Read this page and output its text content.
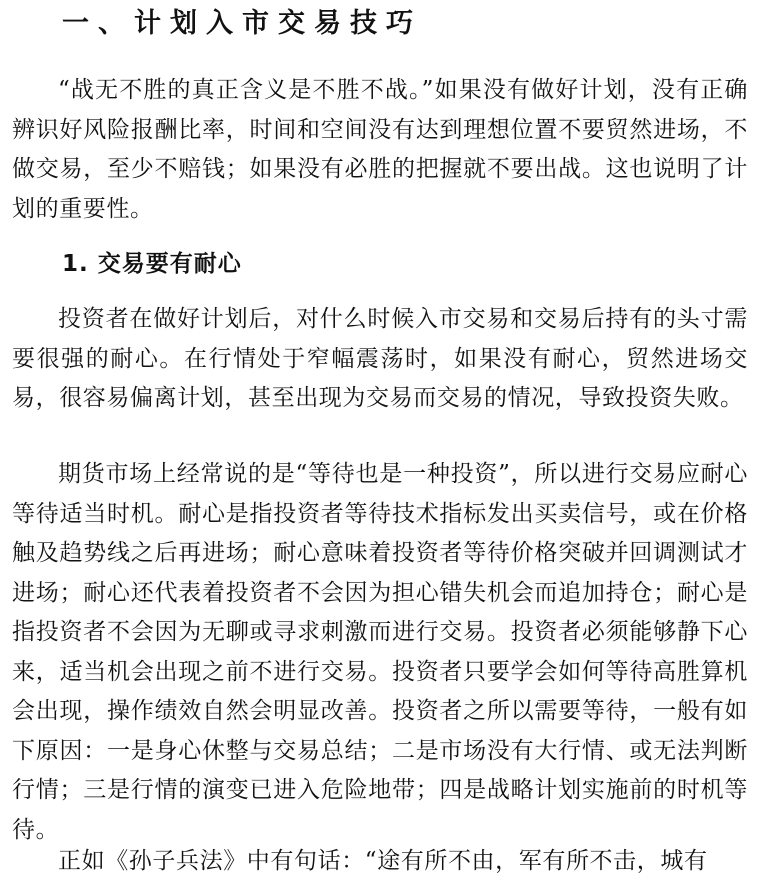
一、计划入市交易技巧

“战无不胜的真正含义是不胜不战。”如果没有做好计划，没有正确辨识好风险报酬比率，时间和空间没有达到理想位置不要贸然进场，不做交易，至少不赔钱；如果没有必胜的把握就不要出战。这也说明了计划的重要性。

1. 交易要有耐心

投资者在做好计划后，对什么时候入市交易和交易后持有的头寸需要很强的耐心。在行情处于窄幅震荡时，如果没有耐心，贸然进场交易，很容易偏离计划，甚至出现为交易而交易的情况，导致投资失败。

期货市场上经常说的是“等待也是一种投资”，所以进行交易应耐心等待适当时机。耐心是指投资者等待技术指标发出买卖信号，或在价格触及趋势线之后再进场；耐心意味着投资者等待价格突破并回调测试才进场；耐心还代表着投资者不会因为担心错失机会而追加持仓；耐心是指投资者不会因为无聊或寻求刺激而进行交易。投资者必须能够静下心来，适当机会出现之前不进行交易。投资者只要学会如何等待高胜算机会出现，操作绩效自然会明显改善。投资者之所以需要等待，一般有如下原因：一是身心休整与交易总结；二是市场没有大行情、或无法判断行情；三是行情的演变已进入危险地带；四是战略计划实施前的时机等待。

正如《孙子兵法》中有句话：“途有所不由，军有所不击，城有
